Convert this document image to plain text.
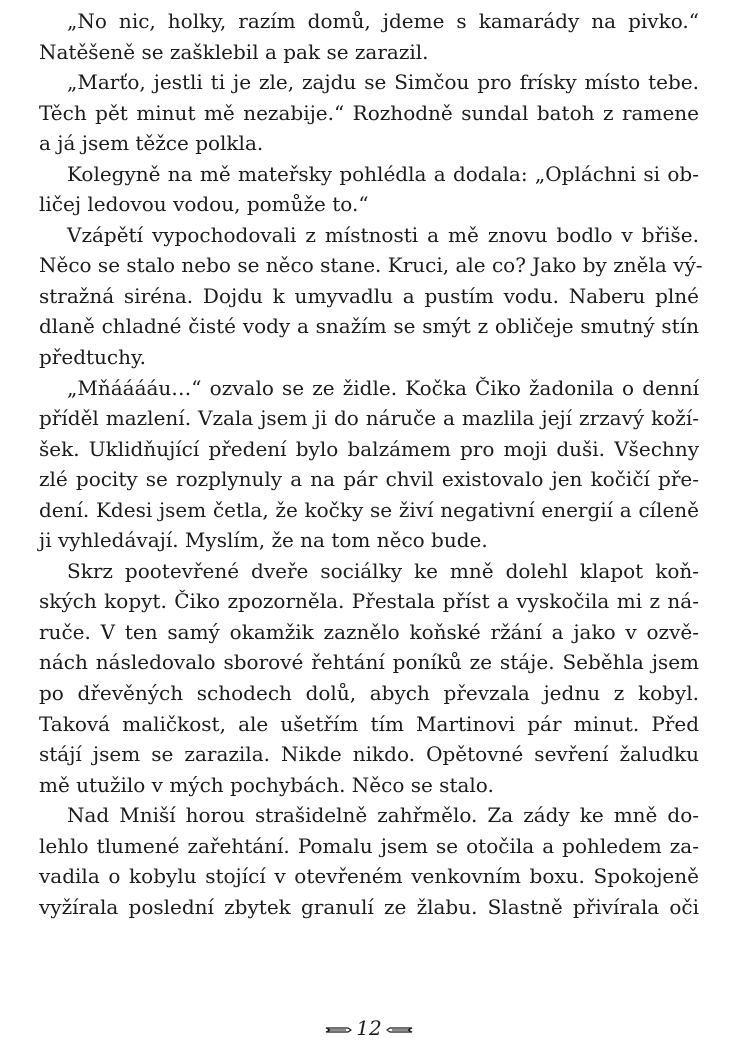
„No nic, holky, razím domů, jdeme s kamarády na pivko.“
Natěšeně se zašklebil a pak se zarazil.
„Marťo, jestli ti je zle, zajdu se Simčou pro frísky místo tebe.
Těch pět minut mě nezabije.“ Rozhodně sundal batoh z ramene
a já jsem těžce polkla.
Kolegyně na mě mateřsky pohlédla a dodala: „Opláchni si ob-
ličej ledovou vodou, pomůže to.“
Vzápětí vypochodovali z místnosti a mě znovu bodlo v břiše.
Něco se stalo nebo se něco stane. Kruci, ale co? Jako by zněla vý-
stražná siréna. Dojdu k umyvadlu a pustím vodu. Naberu plné
dlaně chladné čisté vody a snažím se smýt z obličeje smutný stín
předtuchy.
„Mňááááu…“ ozvalo se ze židle. Kočka Čiko žadonila o denní
příděl mazlení. Vzala jsem ji do náruče a mazlila její zrzavý koží-
šek. Uklidňující předení bylo balzámem pro moji duši. Všechny
zlé pocity se rozplynuly a na pár chvil existovalo jen kočičí pře-
dení. Kdesi jsem četla, že kočky se živí negativní energií a cíleně
ji vyhledávají. Myslím, že na tom něco bude.
Skrz pootevřené dveře sociálky ke mně dolehl klapot koň-
ských kopyt. Čiko zpozorněla. Přestala příst a vyskočila mi z ná-
ruče. V ten samý okamžik zaznělo koňské ržání a jako v ozvě-
nách následovalo sborové řehtání poníků ze stáje. Seběhla jsem
po dřevěných schodech dolů, abych převzala jednu z kobyl.
Taková maličkost, ale ušetřím tím Martinovi pár minut. Před
stájí jsem se zarazila. Nikde nikdo. Opětovné sevření žaludku
mě utužilo v mých pochybách. Něco se stalo.
Nad Mniší horou strašidelně zahřmělo. Za zády ke mně do-
lehlo tlumené zařehtání. Pomalu jsem se otočila a pohledem za-
vadila o kobylu stojící v otevřeném venkovním boxu. Spokojeně
vyžírala poslední zbytek granulí ze žlabu. Slastně přivírala oči
12
